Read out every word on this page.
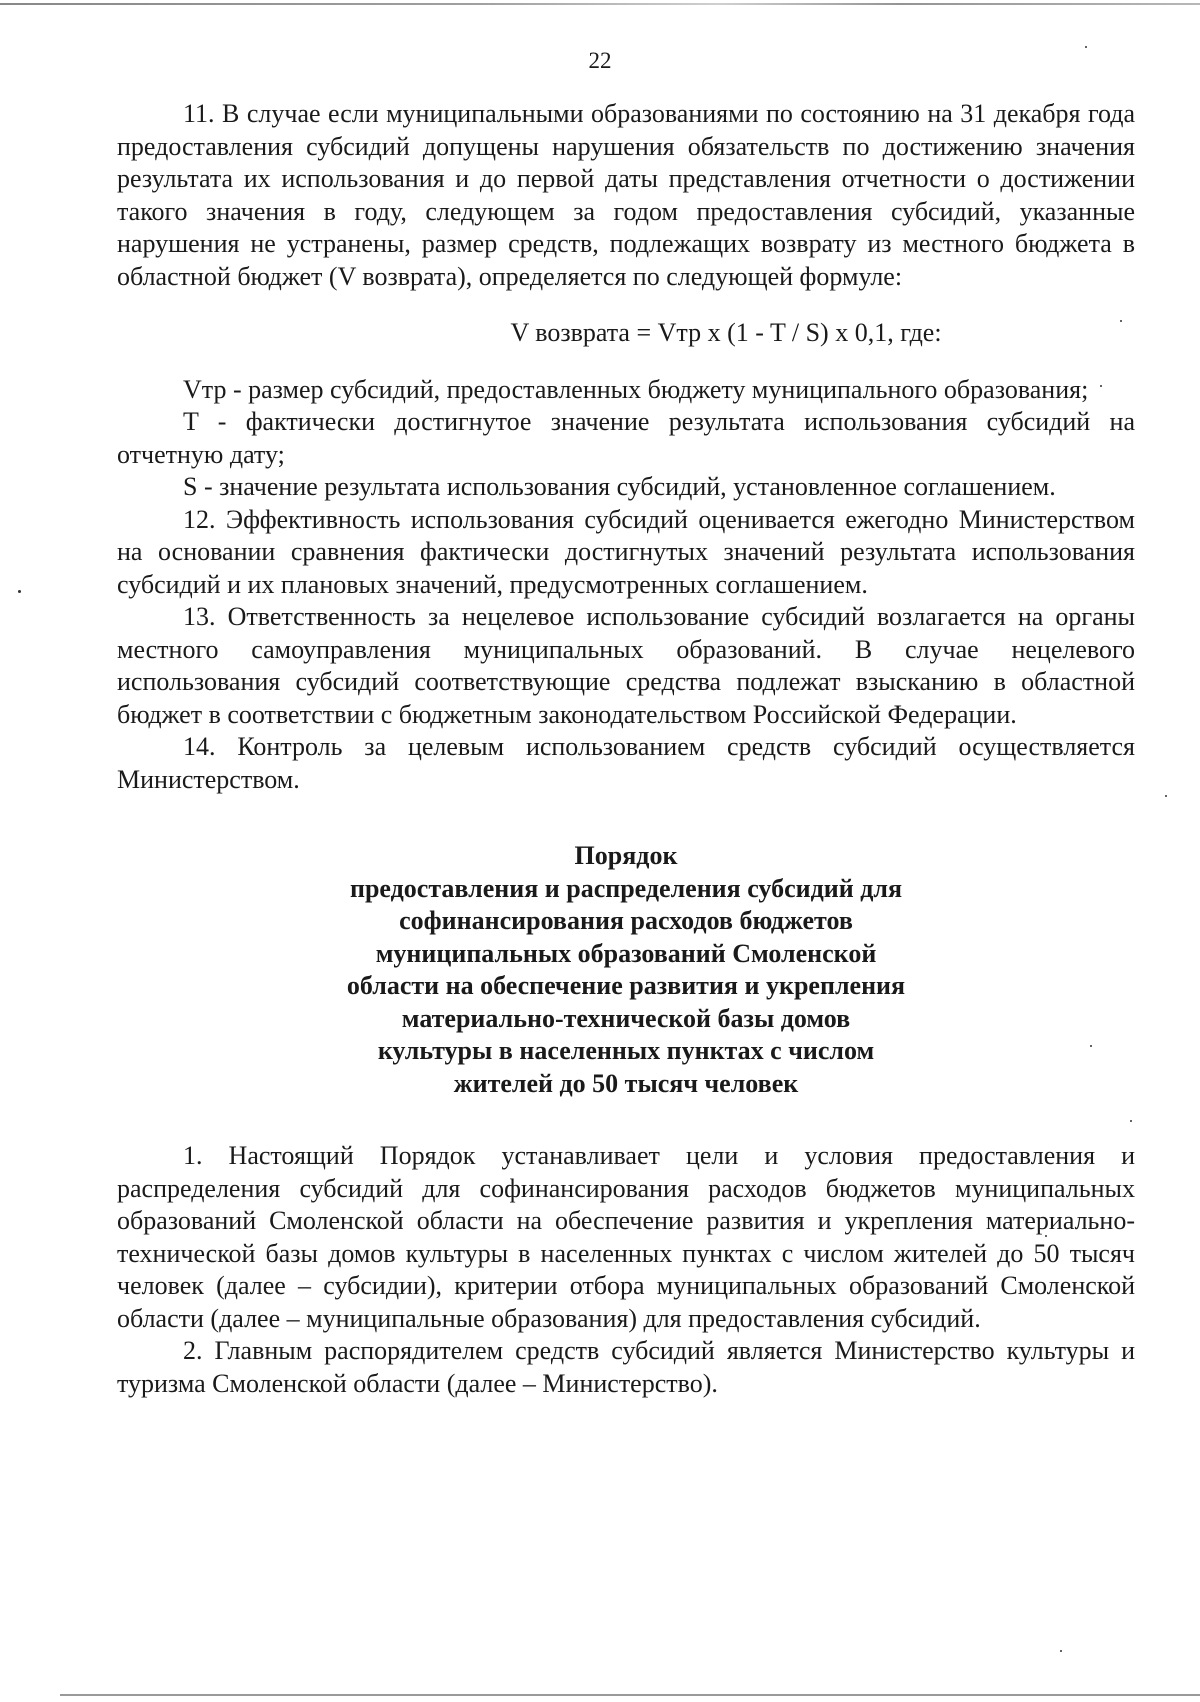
22

11. В случае если муниципальными образованиями по состоянию на 31 декабря года предоставления субсидий допущены нарушения обязательств по достижению значения результата их использования и до первой даты представления отчетности о достижении такого значения в году, следующем за годом предоставления субсидий, указанные нарушения не устранены, размер средств, подлежащих возврату из местного бюджета в областной бюджет (V возврата), определяется по следующей формуле:

V возврата = Vтр x (1 - T / S) x 0,1, где:

Vтр - размер субсидий, предоставленных бюджету муниципального образования;

T - фактически достигнутое значение результата использования субсидий на отчетную дату;

S - значение результата использования субсидий, установленное соглашением.

12. Эффективность использования субсидий оценивается ежегодно Министерством на основании сравнения фактически достигнутых значений результата использования субсидий и их плановых значений, предусмотренных соглашением.

13. Ответственность за нецелевое использование субсидий возлагается на органы местного самоуправления муниципальных образований. В случае нецелевого использования субсидий соответствующие средства подлежат взысканию в областной бюджет в соответствии с бюджетным законодательством Российской Федерации.

14. Контроль за целевым использованием средств субсидий осуществляется Министерством.

Порядок
предоставления и распределения субсидий для
софинансирования расходов бюджетов
муниципальных образований Смоленской
области на обеспечение развития и укрепления
материально-технической базы домов
культуры в населенных пунктах с числом
жителей до 50 тысяч человек

1. Настоящий Порядок устанавливает цели и условия предоставления и распределения субсидий для софинансирования расходов бюджетов муниципальных образований Смоленской области на обеспечение развития и укрепления материально-технической базы домов культуры в населенных пунктах с числом жителей до 50 тысяч человек (далее – субсидии), критерии отбора муниципальных образований Смоленской области (далее – муниципальные образования) для предоставления субсидий.

2. Главным распорядителем средств субсидий является Министерство культуры и туризма Смоленской области (далее – Министерство).
